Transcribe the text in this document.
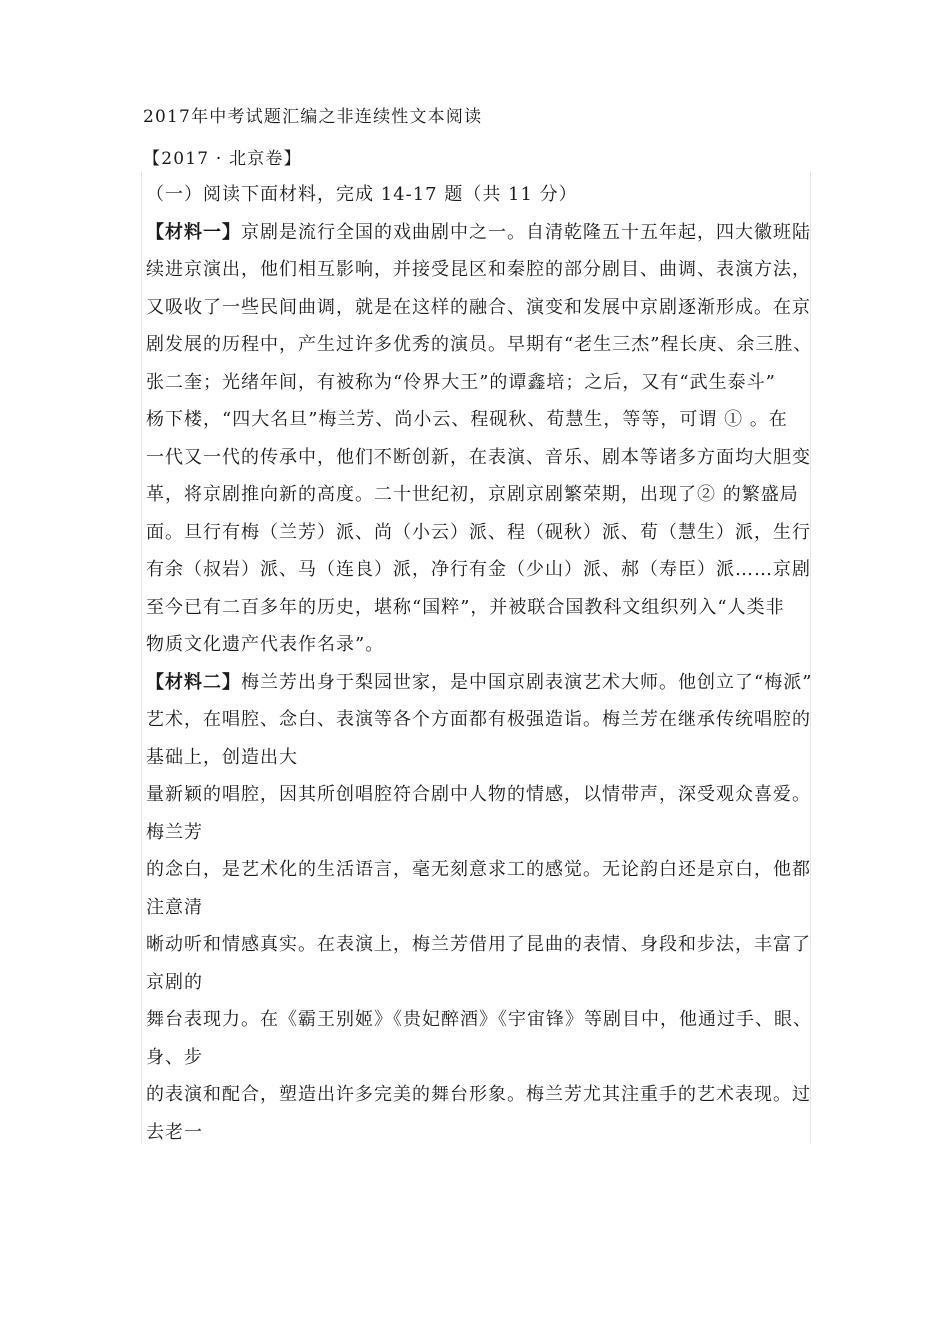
2017年中考试题汇编之非连续性文本阅读
【2017 · 北京卷】
（一）阅读下面材料，完成 14-17 题（共 11 分）
【材料一】京剧是流行全国的戏曲剧中之一。自清乾隆五十五年起，四大徽班陆
续进京演出，他们相互影响，并接受昆区和秦腔的部分剧目、曲调、表演方法，
又吸收了一些民间曲调，就是在这样的融合、演变和发展中京剧逐渐形成。在京
剧发展的历程中，产生过许多优秀的演员。早期有“老生三杰”程长庚、余三胜、
张二奎；光绪年间，有被称为“伶界大王”的谭鑫培；之后，又有“武生泰斗”
杨下楼，“四大名旦”梅兰芳、尚小云、程砚秋、荀慧生，等等，可谓 ① 。在
一代又一代的传承中，他们不断创新，在表演、音乐、剧本等诸多方面均大胆变
革，将京剧推向新的高度。二十世纪初，京剧京剧繁荣期，出现了② 的繁盛局
面。旦行有梅（兰芳）派、尚（小云）派、程（砚秋）派、荀（慧生）派，生行
有余（叔岩）派、马（连良）派，净行有金（少山）派、郝（寿臣）派……京剧
至今已有二百多年的历史，堪称“国粹”，并被联合国教科文组织列入“人类非
物质文化遗产代表作名录”。
【材料二】梅兰芳出身于梨园世家，是中国京剧表演艺术大师。他创立了“梅派”
艺术，在唱腔、念白、表演等各个方面都有极强造诣。梅兰芳在继承传统唱腔的
基础上，创造出大
量新颖的唱腔，因其所创唱腔符合剧中人物的情感，以情带声，深受观众喜爱。
梅兰芳
的念白，是艺术化的生活语言，毫无刻意求工的感觉。无论韵白还是京白，他都
注意清
晰动听和情感真实。在表演上，梅兰芳借用了昆曲的表情、身段和步法，丰富了
京剧的
舞台表现力。在《霸王别姬》《贵妃醉酒》《宇宙锋》等剧目中，他通过手、眼、
身、步
的表演和配合，塑造出许多完美的舞台形象。梅兰芳尤其注重手的艺术表现。过
去老一
